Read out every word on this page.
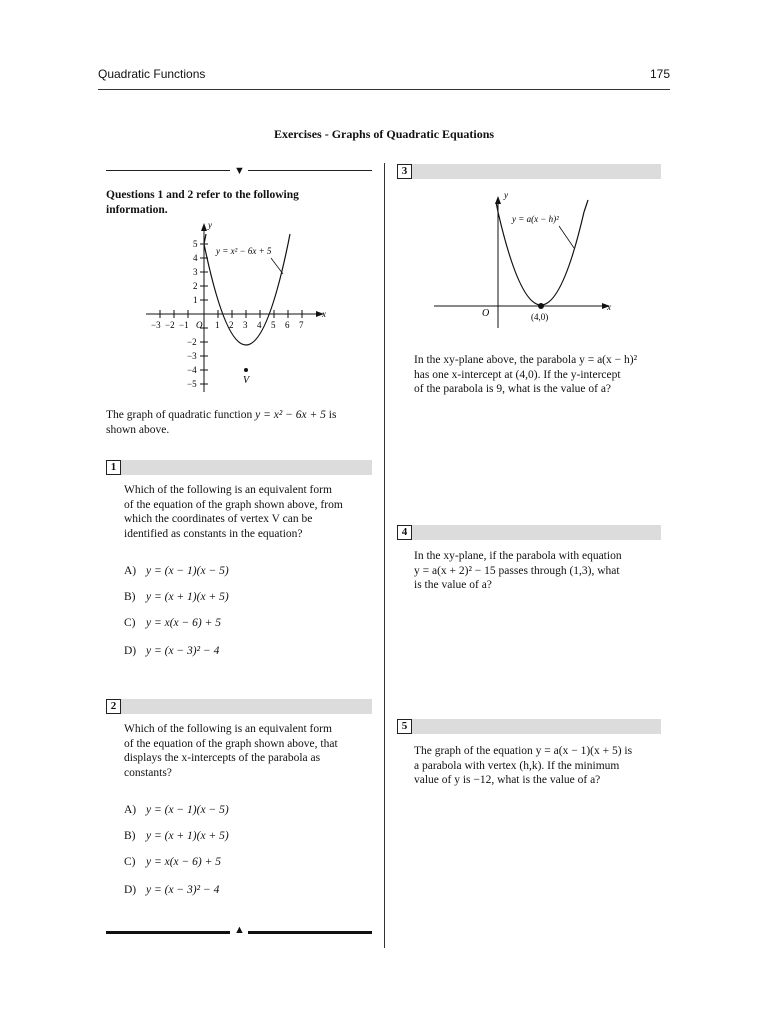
Quadratic Functions	175
Exercises - Graphs of Quadratic Equations
▼
Questions 1 and 2 refer to the following information.
x
y
−3 −2 −1 O 1 2 3 4 5 6 7
5
4
3
2
1
−2
−3
−4
−5
y = x² − 6x + 5
V
The graph of quadratic function y = x² − 6x + 5 is
shown above.
1
Which of the following is an equivalent form
of the equation of the graph shown above, from
which the coordinates of vertex V can be
identified as constants in the equation?
A) y = (x − 1)(x − 5)
B) y = (x + 1)(x + 5)
C) y = x(x − 6) + 5
D) y = (x − 3)² − 4
2
Which of the following is an equivalent form
of the equation of the graph shown above, that
displays the x-intercepts of the parabola as
constants?
A) y = (x − 1)(x − 5)
B) y = (x + 1)(x + 5)
C) y = x(x − 6) + 5
D) y = (x − 3)² − 4
▲
3
x
y
(4,0)
O
y = a(x − h)²
In the xy-plane above, the parabola y = a(x − h)²
has one x-intercept at (4,0). If the y-intercept
of the parabola is 9, what is the value of a?
4
In the xy-plane, if the parabola with equation
y = a(x + 2)² − 15 passes through (1,3), what
is the value of a?
5
The graph of the equation y = a(x − 1)(x + 5) is
a parabola with vertex (h,k). If the minimum
value of y is −12, what is the value of a?
